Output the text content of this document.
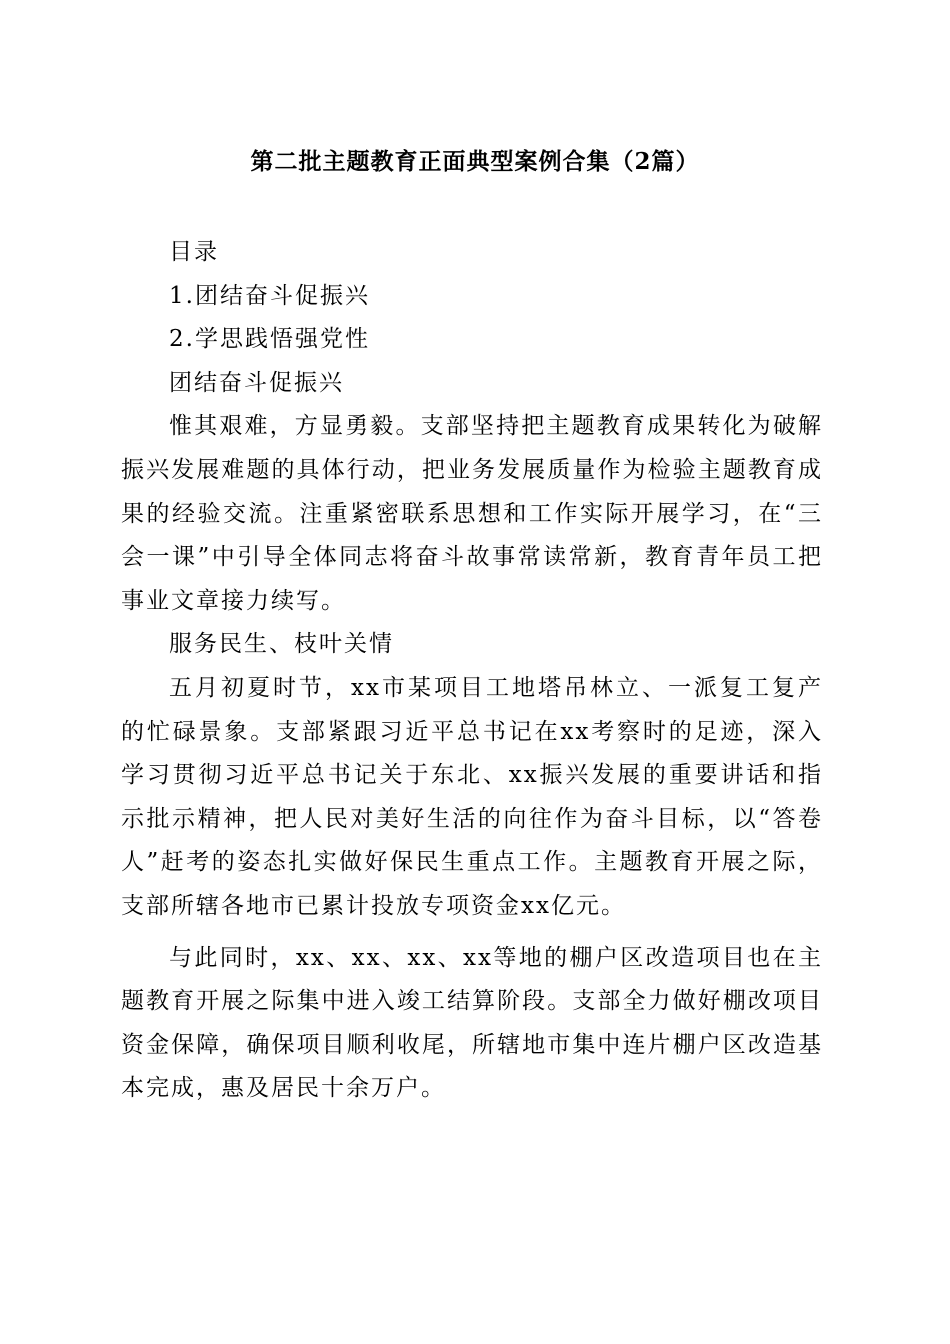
第二批主题教育正面典型案例合集（2篇）

目录

1.团结奋斗促振兴

2.学思践悟强党性

团结奋斗促振兴

惟其艰难，方显勇毅。支部坚持把主题教育成果转化为破解振兴发展难题的具体行动，把业务发展质量作为检验主题教育成果的经验交流。注重紧密联系思想和工作实际开展学习，在“三会一课”中引导全体同志将奋斗故事常读常新，教育青年员工把事业文章接力续写。

服务民生、枝叶关情

五月初夏时节，xx市某项目工地塔吊林立、一派复工复产的忙碌景象。支部紧跟习近平总书记在xx考察时的足迹，深入学习贯彻习近平总书记关于东北、xx振兴发展的重要讲话和指示批示精神，把人民对美好生活的向往作为奋斗目标，以“答卷人”赶考的姿态扎实做好保民生重点工作。主题教育开展之际，支部所辖各地市已累计投放专项资金xx亿元。

与此同时，xx、xx、xx、xx等地的棚户区改造项目也在主题教育开展之际集中进入竣工结算阶段。支部全力做好棚改项目资金保障，确保项目顺利收尾，所辖地市集中连片棚户区改造基本完成，惠及居民十余万户。
